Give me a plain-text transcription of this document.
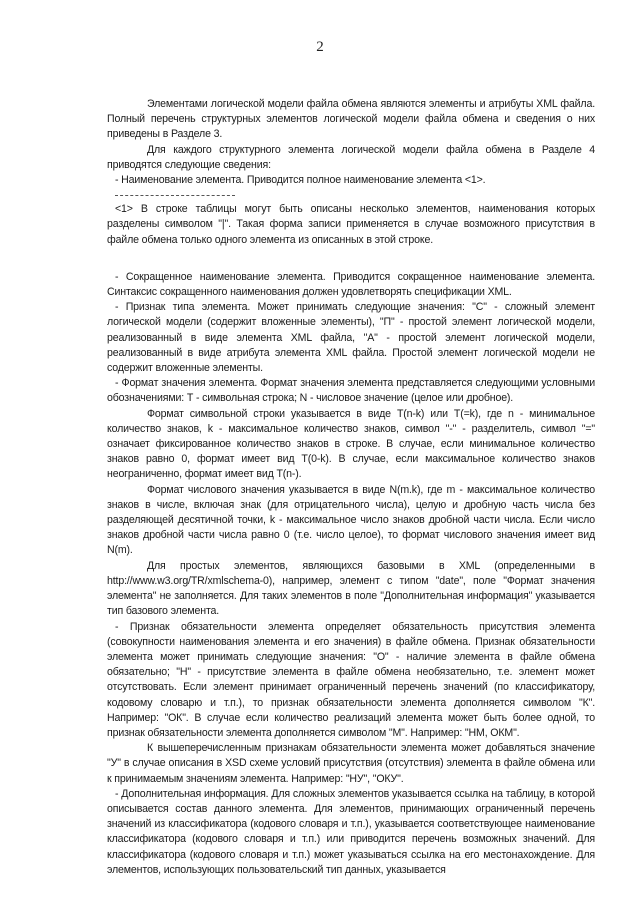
2

Элементами логической модели файла обмена являются элементы и атрибуты XML файла. Полный перечень структурных элементов логической модели файла обмена и сведения о них приведены в Разделе 3.

Для каждого структурного элемента логической модели файла обмена в Разделе 4 приводятся следующие сведения:

- Наименование элемента. Приводится полное наименование элемента <1>.

<1> В строке таблицы могут быть описаны несколько элементов, наименования которых разделены символом "|". Такая форма записи применяется в случае возможного присутствия в файле обмена только одного элемента из описанных в этой строке.

- Сокращенное наименование элемента. Приводится сокращенное наименование элемента. Синтаксис сокращенного наименования должен удовлетворять спецификации XML.

- Признак типа элемента. Может принимать следующие значения: "С" - сложный элемент логической модели (содержит вложенные элементы), "П" - простой элемент логической модели, реализованный в виде элемента XML файла, "А" - простой элемент логической модели, реализованный в виде атрибута элемента XML файла. Простой элемент логической модели не содержит вложенные элементы.

- Формат значения элемента. Формат значения элемента представляется следующими условными обозначениями: Т - символьная строка; N - числовое значение (целое или дробное).

Формат символьной строки указывается в виде Т(n-k) или Т(=k), где n - минимальное количество знаков, k - максимальное количество знаков, символ "-" - разделитель, символ "=" означает фиксированное количество знаков в строке. В случае, если минимальное количество знаков равно 0, формат имеет вид Т(0-k). В случае, если максимальное количество знаков неограниченно, формат имеет вид Т(n-).

Формат числового значения указывается в виде N(m.k), где m - максимальное количество знаков в числе, включая знак (для отрицательного числа), целую и дробную часть числа без разделяющей десятичной точки, k - максимальное число знаков дробной части числа. Если число знаков дробной части числа равно 0 (т.е. число целое), то формат числового значения имеет вид N(m).

Для простых элементов, являющихся базовыми в XML (определенными в http://www.w3.org/TR/xmlschema-0), например, элемент с типом "date", поле "Формат значения элемента" не заполняется. Для таких элементов в поле "Дополнительная информация" указывается тип базового элемента.

- Признак обязательности элемента определяет обязательность присутствия элемента (совокупности наименования элемента и его значения) в файле обмена. Признак обязательности элемента может принимать следующие значения: "О" - наличие элемента в файле обмена обязательно; "Н" - присутствие элемента в файле обмена необязательно, т.е. элемент может отсутствовать. Если элемент принимает ограниченный перечень значений (по классификатору, кодовому словарю и т.п.), то признак обязательности элемента дополняется символом "К". Например: "ОК". В случае если количество реализаций элемента может быть более одной, то признак обязательности элемента дополняется символом "М". Например: "НМ, ОКМ".

К вышеперечисленным признакам обязательности элемента может добавляться значение "У" в случае описания в XSD схеме условий присутствия (отсутствия) элемента в файле обмена или к принимаемым значениям элемента. Например: "НУ", "ОКУ".

- Дополнительная информация. Для сложных элементов указывается ссылка на таблицу, в которой описывается состав данного элемента. Для элементов, принимающих ограниченный перечень значений из классификатора (кодового словаря и т.п.), указывается соответствующее наименование классификатора (кодового словаря и т.п.) или приводится перечень возможных значений. Для классификатора (кодового словаря и т.п.) может указываться ссылка на его местонахождение. Для элементов, использующих пользовательский тип данных, указывается
